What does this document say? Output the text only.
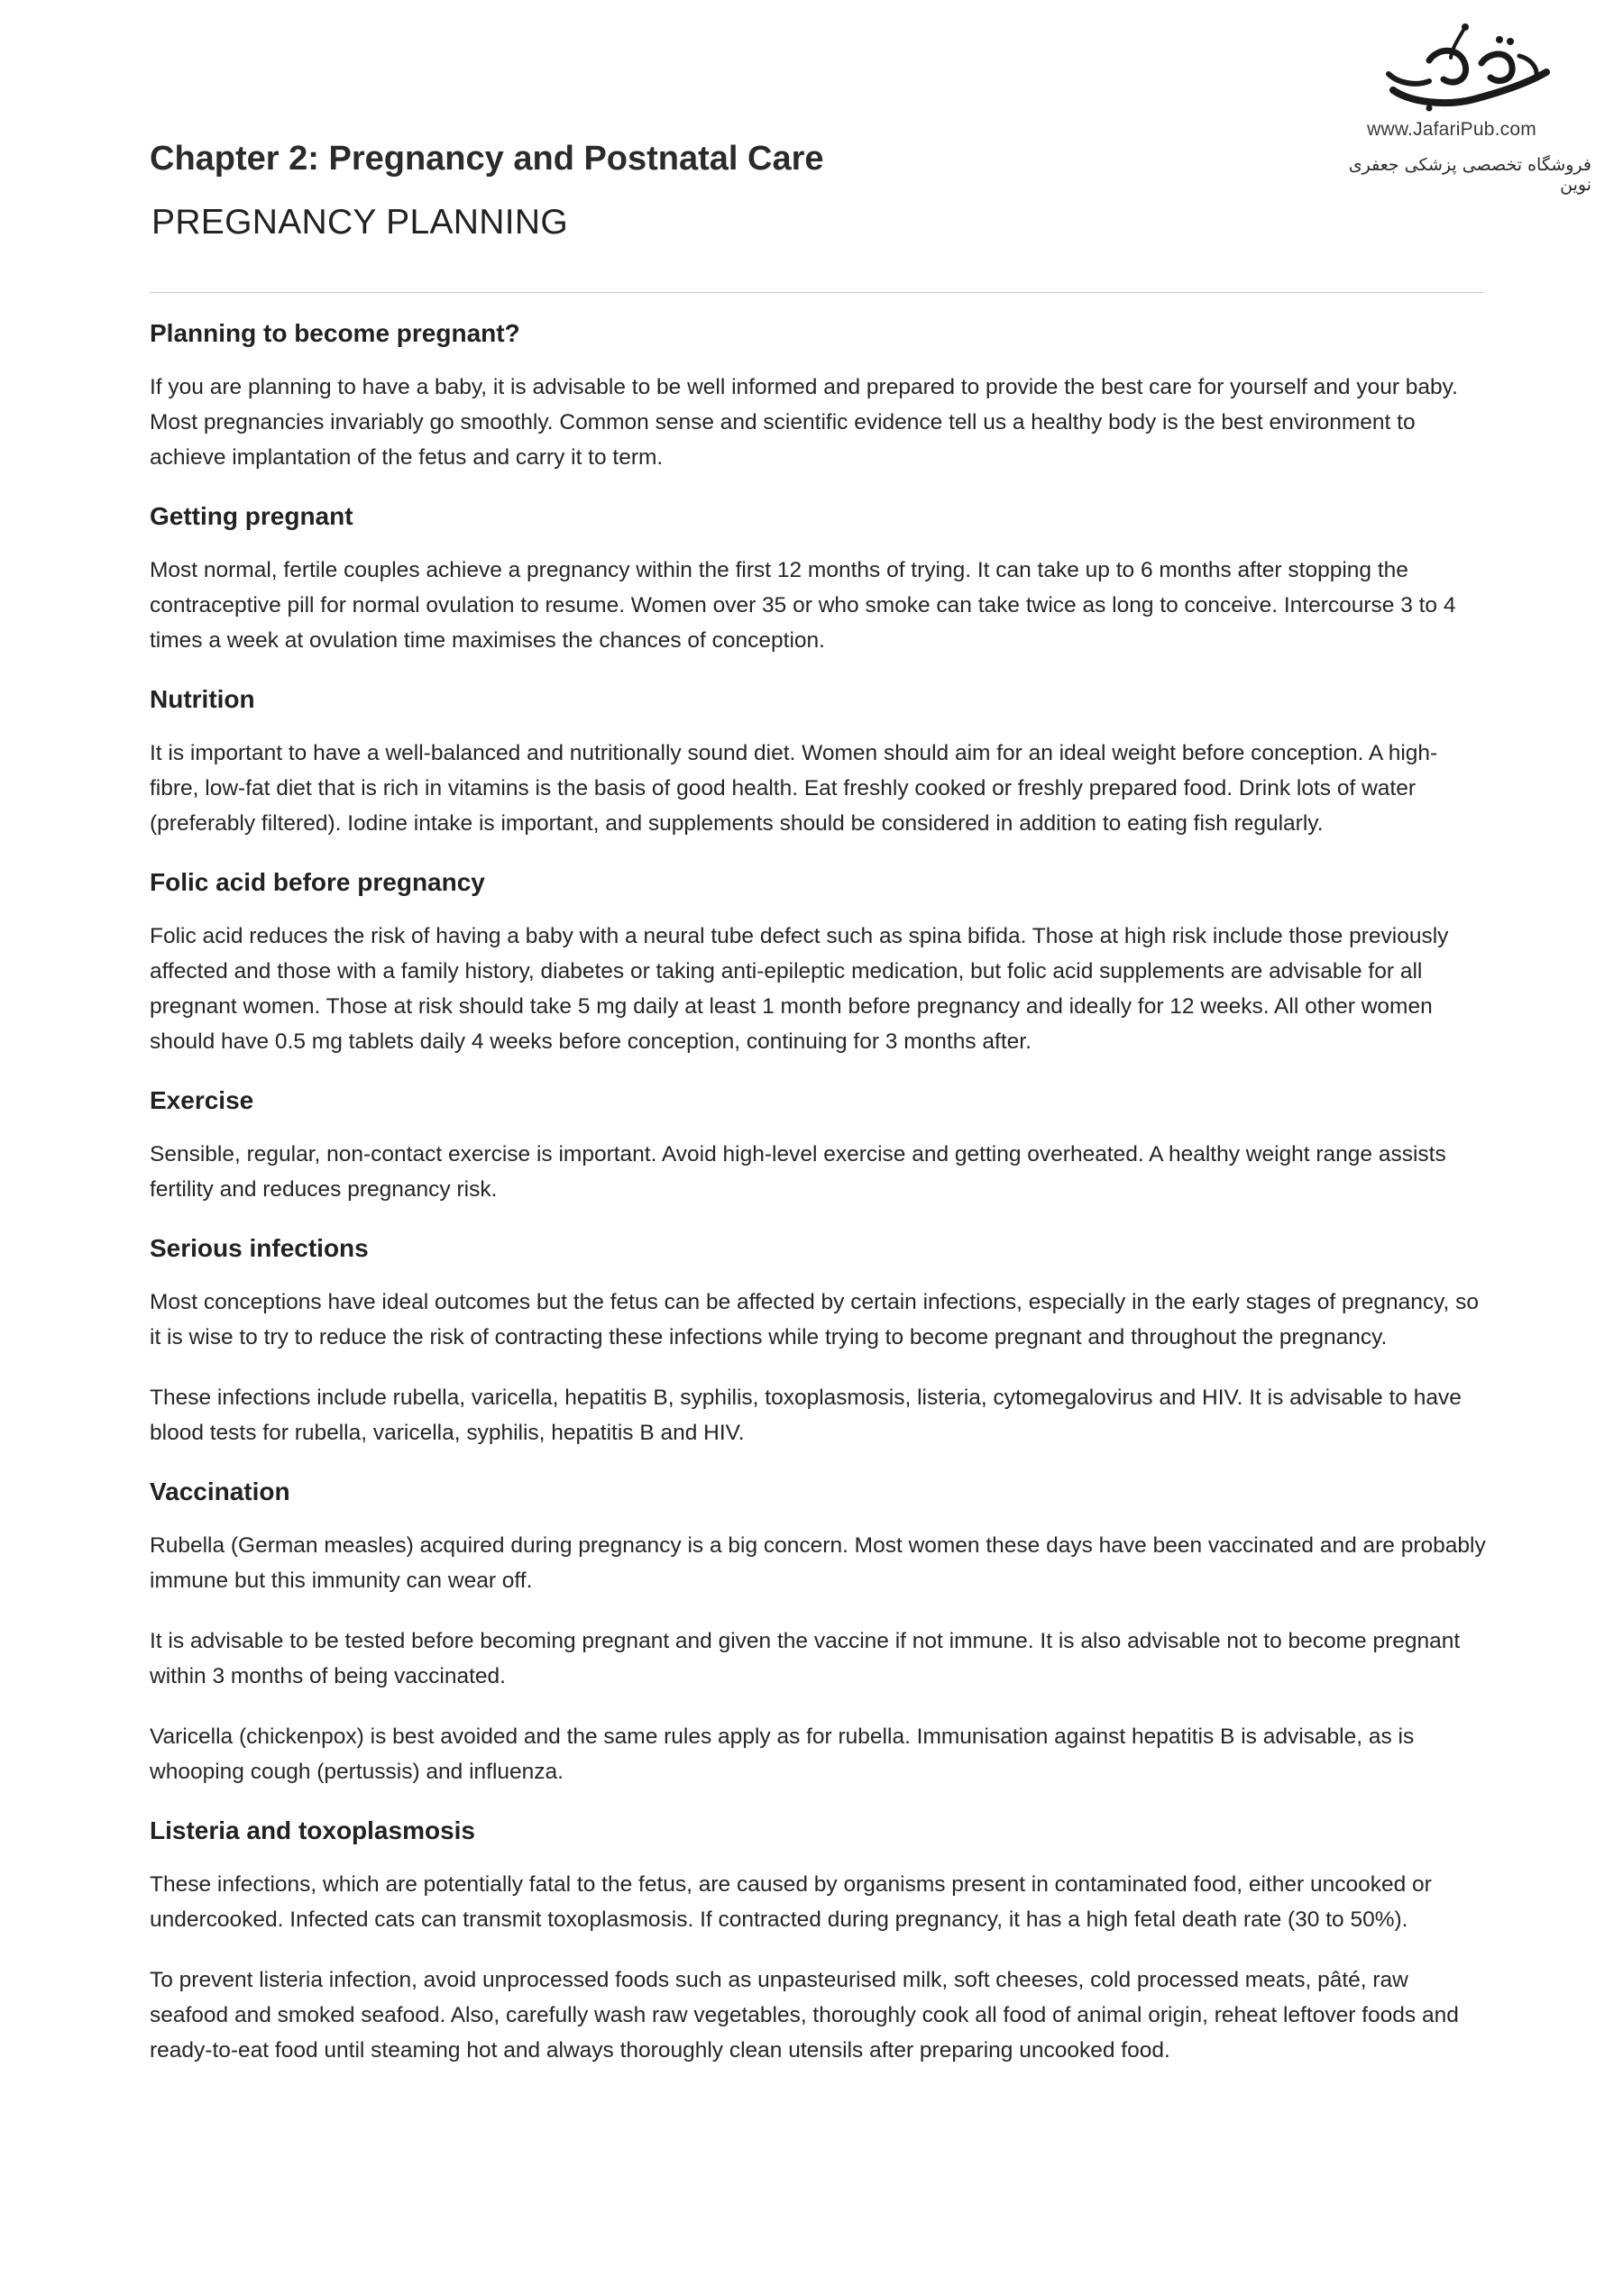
www.JafariPub.com
فروشگاه تخصصی پزشکی جعفری نوین
Chapter 2: Pregnancy and Postnatal Care
PREGNANCY PLANNING
Planning to become pregnant?

If you are planning to have a baby, it is advisable to be well informed and prepared to provide the best care for yourself and your baby. Most pregnancies invariably go smoothly. Common sense and scientific evidence tell us a healthy body is the best environment to achieve implantation of the fetus and carry it to term.

Getting pregnant

Most normal, fertile couples achieve a pregnancy within the first 12 months of trying. It can take up to 6 months after stopping the contraceptive pill for normal ovulation to resume. Women over 35 or who smoke can take twice as long to conceive. Intercourse 3 to 4 times a week at ovulation time maximises the chances of conception.

Nutrition

It is important to have a well-balanced and nutritionally sound diet. Women should aim for an ideal weight before conception. A high-fibre, low-fat diet that is rich in vitamins is the basis of good health. Eat freshly cooked or freshly prepared food. Drink lots of water (preferably filtered). Iodine intake is important, and supplements should be considered in addition to eating fish regularly.

Folic acid before pregnancy

Folic acid reduces the risk of having a baby with a neural tube defect such as spina bifida. Those at high risk include those previously affected and those with a family history, diabetes or taking anti-epileptic medication, but folic acid supplements are advisable for all pregnant women. Those at risk should take 5 mg daily at least 1 month before pregnancy and ideally for 12 weeks. All other women should have 0.5 mg tablets daily 4 weeks before conception, continuing for 3 months after.

Exercise

Sensible, regular, non-contact exercise is important. Avoid high-level exercise and getting overheated. A healthy weight range assists fertility and reduces pregnancy risk.

Serious infections

Most conceptions have ideal outcomes but the fetus can be affected by certain infections, especially in the early stages of pregnancy, so it is wise to try to reduce the risk of contracting these infections while trying to become pregnant and throughout the pregnancy.

These infections include rubella, varicella, hepatitis B, syphilis, toxoplasmosis, listeria, cytomegalovirus and HIV. It is advisable to have blood tests for rubella, varicella, syphilis, hepatitis B and HIV.

Vaccination

Rubella (German measles) acquired during pregnancy is a big concern. Most women these days have been vaccinated and are probably immune but this immunity can wear off.

It is advisable to be tested before becoming pregnant and given the vaccine if not immune. It is also advisable not to become pregnant within 3 months of being vaccinated.

Varicella (chickenpox) is best avoided and the same rules apply as for rubella. Immunisation against hepatitis B is advisable, as is whooping cough (pertussis) and influenza.

Listeria and toxoplasmosis

These infections, which are potentially fatal to the fetus, are caused by organisms present in contaminated food, either uncooked or undercooked. Infected cats can transmit toxoplasmosis. If contracted during pregnancy, it has a high fetal death rate (30 to 50%).

To prevent listeria infection, avoid unprocessed foods such as unpasteurised milk, soft cheeses, cold processed meats, pâté, raw seafood and smoked seafood. Also, carefully wash raw vegetables, thoroughly cook all food of animal origin, reheat leftover foods and ready-to-eat food until steaming hot and always thoroughly clean utensils after preparing uncooked food.
